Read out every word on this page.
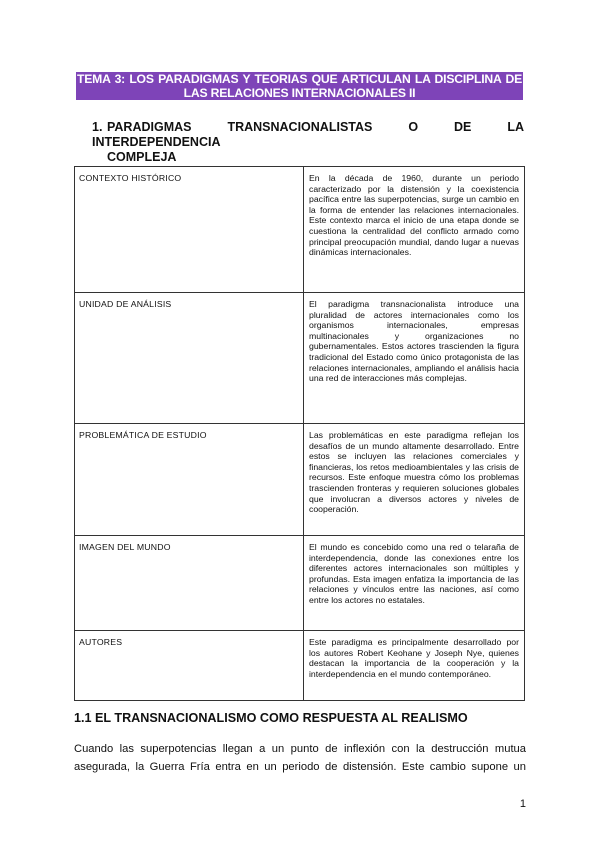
TEMA 3: LOS PARADIGMAS Y TEORIAS QUE ARTICULAN LA DISCIPLINA DE
LAS RELACIONES INTERNACIONALES II
1. PARADIGMAS TRANSNACIONALISTAS O DE LA INTERDEPENDENCIA
COMPLEJA
CONTEXTO HISTÓRICO	En la década de 1960, durante un periodo caracterizado por la distensión y la coexistencia pacífica entre las superpotencias, surge un cambio en la forma de entender las relaciones internacionales. Este contexto marca el inicio de una etapa donde se cuestiona la centralidad del conflicto armado como principal preocupación mundial, dando lugar a nuevas dinámicas internacionales.
UNIDAD DE ANÁLISIS	El paradigma transnacionalista introduce una pluralidad de actores internacionales como los organismos internacionales, empresas multinacionales y organizaciones no gubernamentales. Estos actores trascienden la figura tradicional del Estado como único protagonista de las relaciones internacionales, ampliando el análisis hacia una red de interacciones más complejas.
PROBLEMÁTICA DE ESTUDIO	Las problemáticas en este paradigma reflejan los desafíos de un mundo altamente desarrollado. Entre estos se incluyen las relaciones comerciales y financieras, los retos medioambientales y las crisis de recursos. Este enfoque muestra cómo los problemas trascienden fronteras y requieren soluciones globales que involucran a diversos actores y niveles de cooperación.
IMAGEN DEL MUNDO	El mundo es concebido como una red o telaraña de interdependencia, donde las conexiones entre los diferentes actores internacionales son múltiples y profundas. Esta imagen enfatiza la importancia de las relaciones y vínculos entre las naciones, así como entre los actores no estatales.
AUTORES	Este paradigma es principalmente desarrollado por los autores Robert Keohane y Joseph Nye, quienes destacan la importancia de la cooperación y la interdependencia en el mundo contemporáneo.
1.1 EL TRANSNACIONALISMO COMO RESPUESTA AL REALISMO
Cuando las superpotencias llegan a un punto de inflexión con la destrucción mutua
asegurada, la Guerra Fría entra en un periodo de distensión. Este cambio supone un
1
